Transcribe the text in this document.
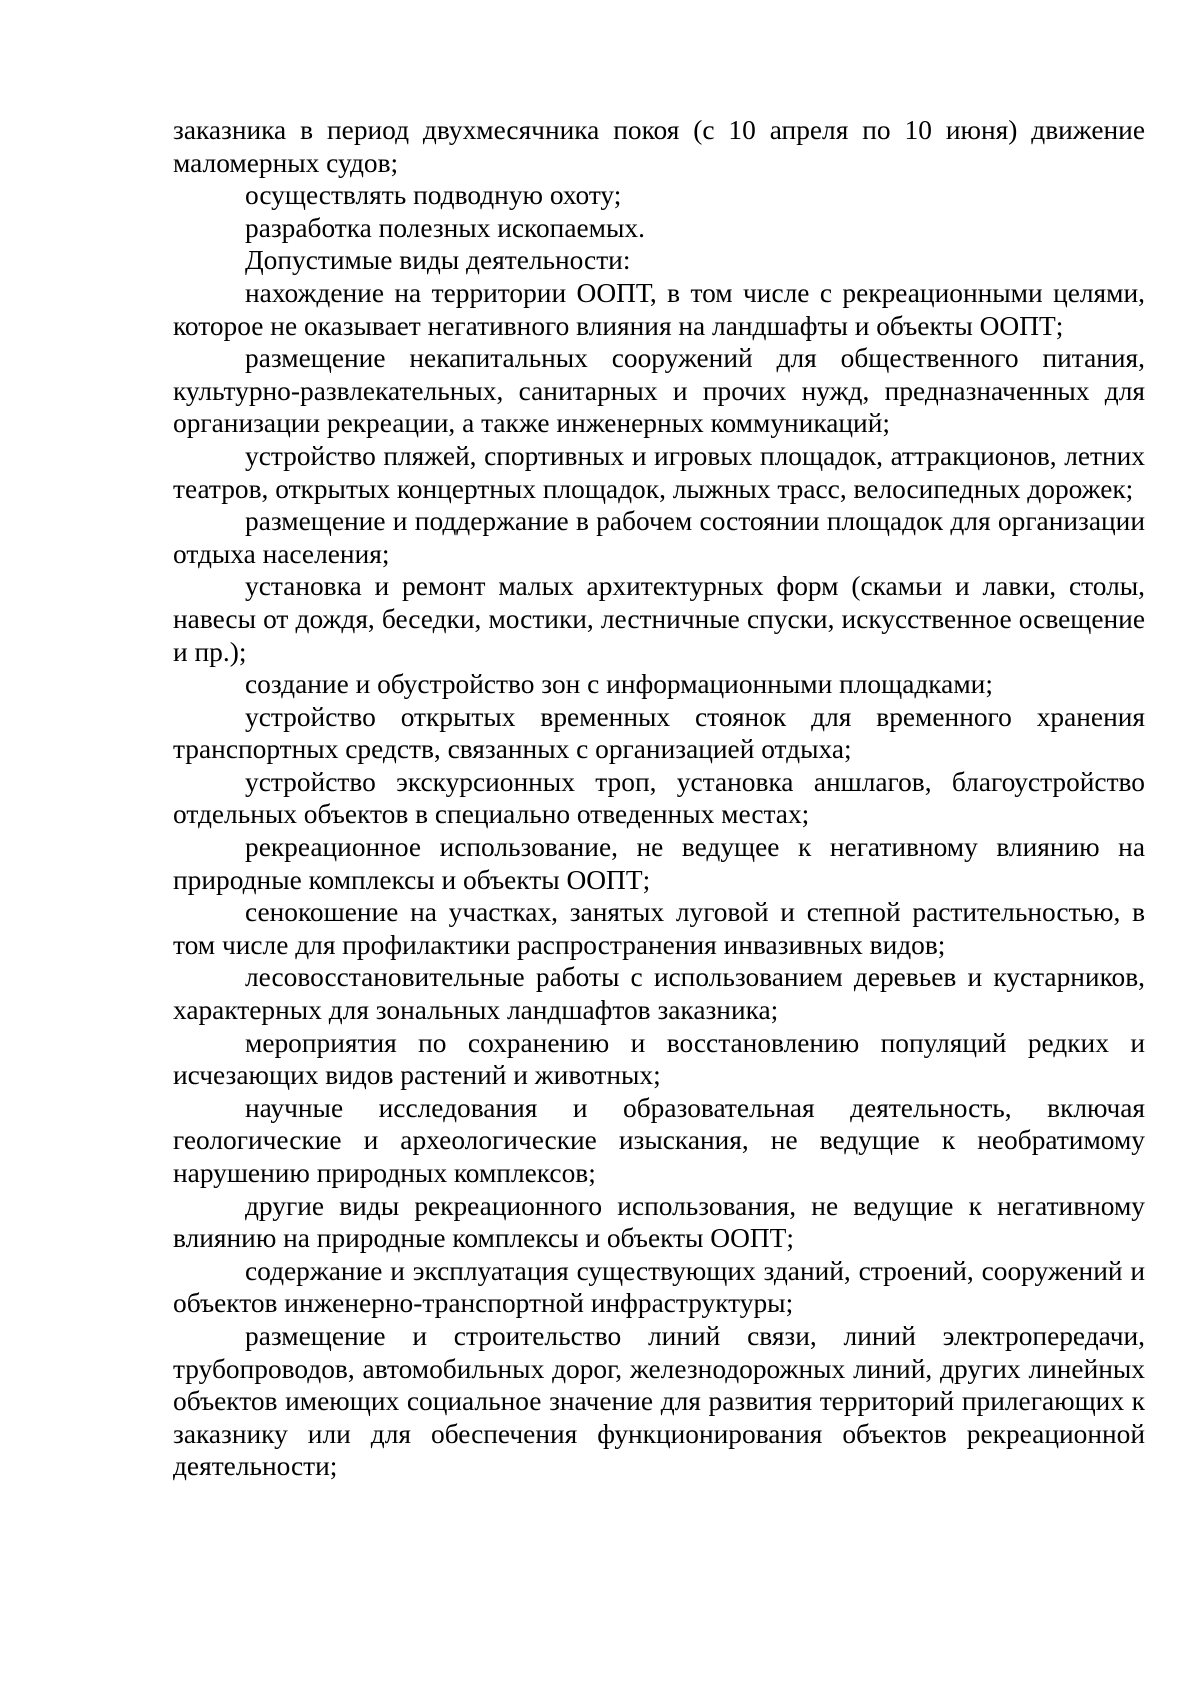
заказника в период двухмесячника покоя (с 10 апреля по 10 июня) движение маломерных судов;

осуществлять подводную охоту;

разработка полезных ископаемых.

Допустимые виды деятельности:

нахождение на территории ООПТ, в том числе с рекреационными целями, которое не оказывает негативного влияния на ландшафты и объекты ООПТ;

размещение некапитальных сооружений для общественного питания, культурно-развлекательных, санитарных и прочих нужд, предназначенных для организации рекреации, а также инженерных коммуникаций;

устройство пляжей, спортивных и игровых площадок, аттракционов, летних театров, открытых концертных площадок, лыжных трасс, велосипедных дорожек;

размещение и поддержание в рабочем состоянии площадок для организации отдыха населения;

установка и ремонт малых архитектурных форм (скамьи и лавки, столы, навесы от дождя, беседки, мостики, лестничные спуски, искусственное освещение и пр.);

создание и обустройство зон с информационными площадками;

устройство открытых временных стоянок для временного хранения транспортных средств, связанных с организацией отдыха;

устройство экскурсионных троп, установка аншлагов, благоустройство отдельных объектов в специально отведенных местах;

рекреационное использование, не ведущее к негативному влиянию на природные комплексы и объекты ООПТ;

сенокошение на участках, занятых луговой и степной растительностью, в том числе для профилактики распространения инвазивных видов;

лесовосстановительные работы с использованием деревьев и кустарников, характерных для зональных ландшафтов заказника;

мероприятия по сохранению и восстановлению популяций редких и исчезающих видов растений и животных;

научные исследования и образовательная деятельность, включая геологические и археологические изыскания, не ведущие к необратимому нарушению природных комплексов;

другие виды рекреационного использования, не ведущие к негативному влиянию на природные комплексы и объекты ООПТ;

содержание и эксплуатация существующих зданий, строений, сооружений и объектов инженерно-транспортной инфраструктуры;

размещение и строительство линий связи, линий электропередачи, трубопроводов, автомобильных дорог, железнодорожных линий, других линейных объектов имеющих социальное значение для развития территорий прилегающих к заказнику или для обеспечения функционирования объектов рекреационной деятельности;
